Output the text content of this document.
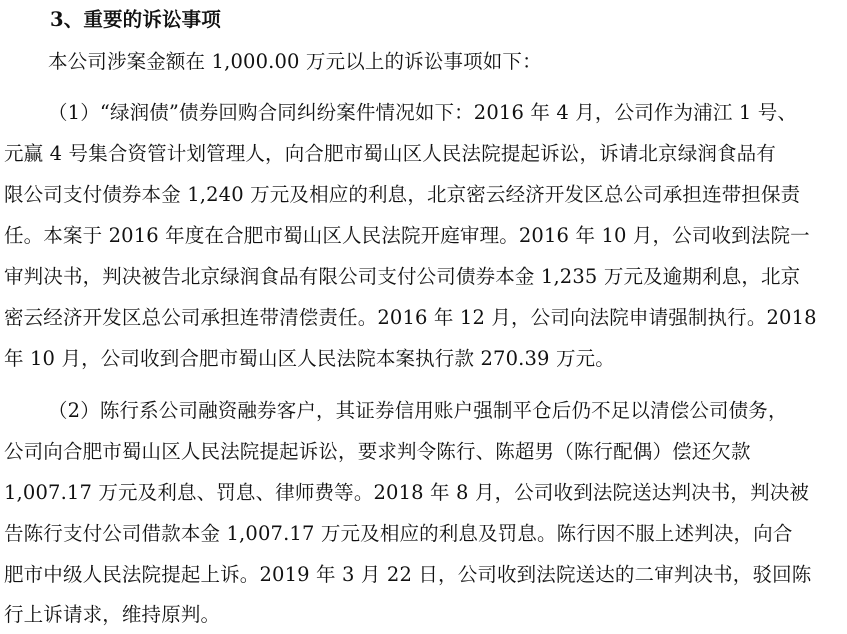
3、重要的诉讼事项
本公司涉案金额在 1,000.00 万元以上的诉讼事项如下：
（1）“绿润债”债券回购合同纠纷案件情况如下：2016 年 4 月，公司作为浦江 1 号、
元赢 4 号集合资管计划管理人，向合肥市蜀山区人民法院提起诉讼，诉请北京绿润食品有
限公司支付债券本金 1,240 万元及相应的利息，北京密云经济开发区总公司承担连带担保责
任。本案于 2016 年度在合肥市蜀山区人民法院开庭审理。2016 年 10 月，公司收到法院一
审判决书，判决被告北京绿润食品有限公司支付公司债券本金 1,235 万元及逾期利息，北京
密云经济开发区总公司承担连带清偿责任。2016 年 12 月，公司向法院申请强制执行。2018
年 10 月，公司收到合肥市蜀山区人民法院本案执行款 270.39 万元。
（2）陈行系公司融资融券客户，其证券信用账户强制平仓后仍不足以清偿公司债务，
公司向合肥市蜀山区人民法院提起诉讼，要求判令陈行、陈超男（陈行配偶）偿还欠款
1,007.17 万元及利息、罚息、律师费等。2018 年 8 月，公司收到法院送达判决书，判决被
告陈行支付公司借款本金 1,007.17 万元及相应的利息及罚息。陈行因不服上述判决，向合
肥市中级人民法院提起上诉。2019 年 3 月 22 日，公司收到法院送达的二审判决书，驳回陈
行上诉请求，维持原判。
